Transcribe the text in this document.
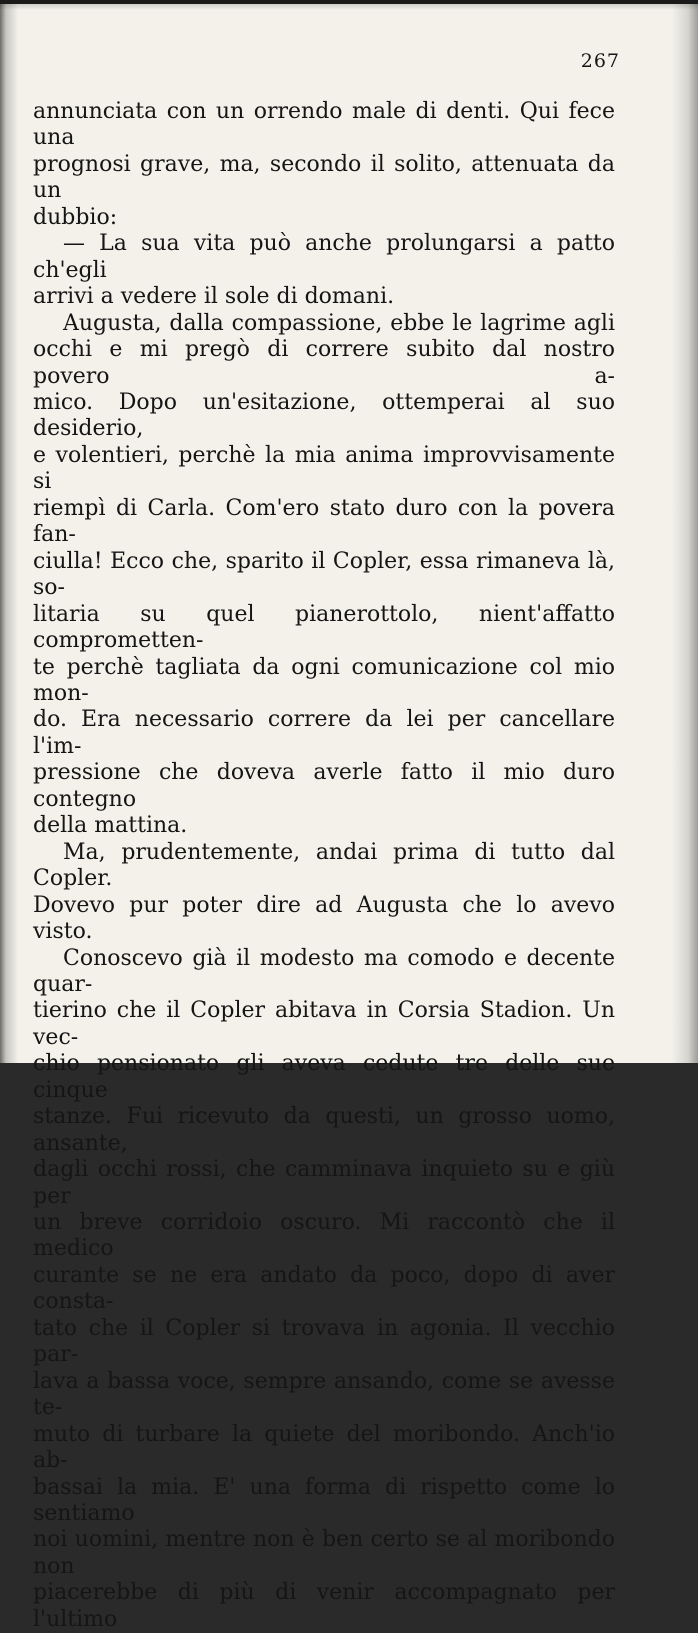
267

annunciata con un orrendo male di denti. Qui fece una
prognosi grave, ma, secondo il solito, attenuata da un
dubbio:

— La sua vita può anche prolungarsi a patto ch'egli
arrivi a vedere il sole di domani.

Augusta, dalla compassione, ebbe le lagrime agli
occhi e mi pregò di correre subito dal nostro povero a-
mico. Dopo un'esitazione, ottemperai al suo desiderio,
e volentieri, perchè la mia anima improvvisamente si
riempì di Carla. Com'ero stato duro con la povera fan-
ciulla! Ecco che, sparito il Copler, essa rimaneva là, so-
litaria su quel pianerottolo, nient'affatto comprometten-
te perchè tagliata da ogni comunicazione col mio mon-
do. Era necessario correre da lei per cancellare l'im-
pressione che doveva averle fatto il mio duro contegno
della mattina.

Ma, prudentemente, andai prima di tutto dal Copler.
Dovevo pur poter dire ad Augusta che lo avevo visto.

Conoscevo già il modesto ma comodo e decente quar-
tierino che il Copler abitava in Corsia Stadion. Un vec-
chio pensionato gli aveva cedute tre delle sue cinque
stanze. Fui ricevuto da questi, un grosso uomo, ansante,
dagli occhi rossi, che camminava inquieto su e giù per
un breve corridoio oscuro. Mi raccontò che il medico
curante se ne era andato da poco, dopo di aver consta-
tato che il Copler si trovava in agonia. Il vecchio par-
lava a bassa voce, sempre ansando, come se avesse te-
muto di turbare la quiete del moribondo. Anch'io ab-
bassai la mia. E' una forma di rispetto come lo sentiamo
noi uomini, mentre non è ben certo se al moribondo non
piacerebbe di più di venir accompagnato per l'ultimo
